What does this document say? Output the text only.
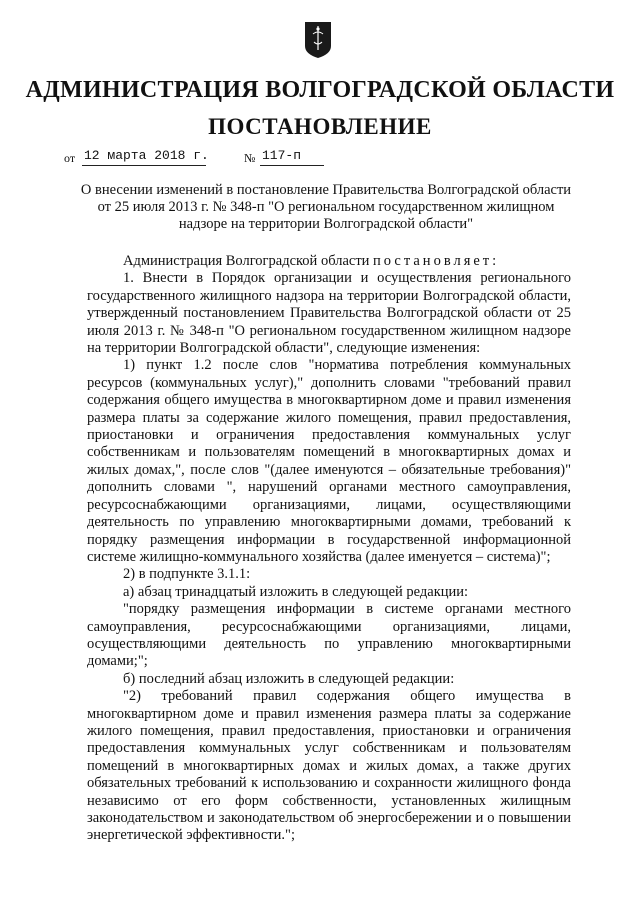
АДМИНИСТРАЦИЯ ВОЛГОГРАДСКОЙ ОБЛАСТИ
ПОСТАНОВЛЕНИЕ
от 12 марта 2018 г.	№ 117-п
О внесении изменений в постановление Правительства Волгоградской области от 25 июля 2013 г. № 348-п "О региональном государственном жилищном надзоре на территории Волгоградской области"

Администрация Волгоградской области постановляет:

1. Внести в Порядок организации и осуществления регионального государственного жилищного надзора на территории Волгоградской области, утвержденный постановлением Правительства Волгоградской области от 25 июля 2013 г. № 348-п "О региональном государственном жилищном надзоре на территории Волгоградской области", следующие изменения:

1) пункт 1.2 после слов "норматива потребления коммунальных ресурсов (коммунальных услуг)," дополнить словами "требований правил содержания общего имущества в многоквартирном доме и правил изменения размера платы за содержание жилого помещения, правил предоставления, приостановки и ограничения предоставления коммунальных услуг собственникам и пользователям помещений в многоквартирных домах и жилых домах,", после слов "(далее именуются – обязательные требования)" дополнить словами ", нарушений органами местного самоуправления, ресурсоснабжающими организациями, лицами, осуществляющими деятельность по управлению многоквартирными домами, требований к порядку размещения информации в государственной информационной системе жилищно-коммунального хозяйства (далее именуется – система)";

2) в подпункте 3.1.1:

а) абзац тринадцатый изложить в следующей редакции:

"порядку размещения информации в системе органами местного самоуправления, ресурсоснабжающими организациями, лицами, осуществляющими деятельность по управлению многоквартирными домами;";

б) последний абзац изложить в следующей редакции:

"2) требований правил содержания общего имущества в многоквартирном доме и правил изменения размера платы за содержание жилого помещения, правил предоставления, приостановки и ограничения предоставления коммунальных услуг собственникам и пользователям помещений в многоквартирных домах и жилых домах, а также других обязательных требований к использованию и сохранности жилищного фонда независимо от его форм собственности, установленных жилищным законодательством и законодательством об энергосбережении и о повышении энергетической эффективности.";
